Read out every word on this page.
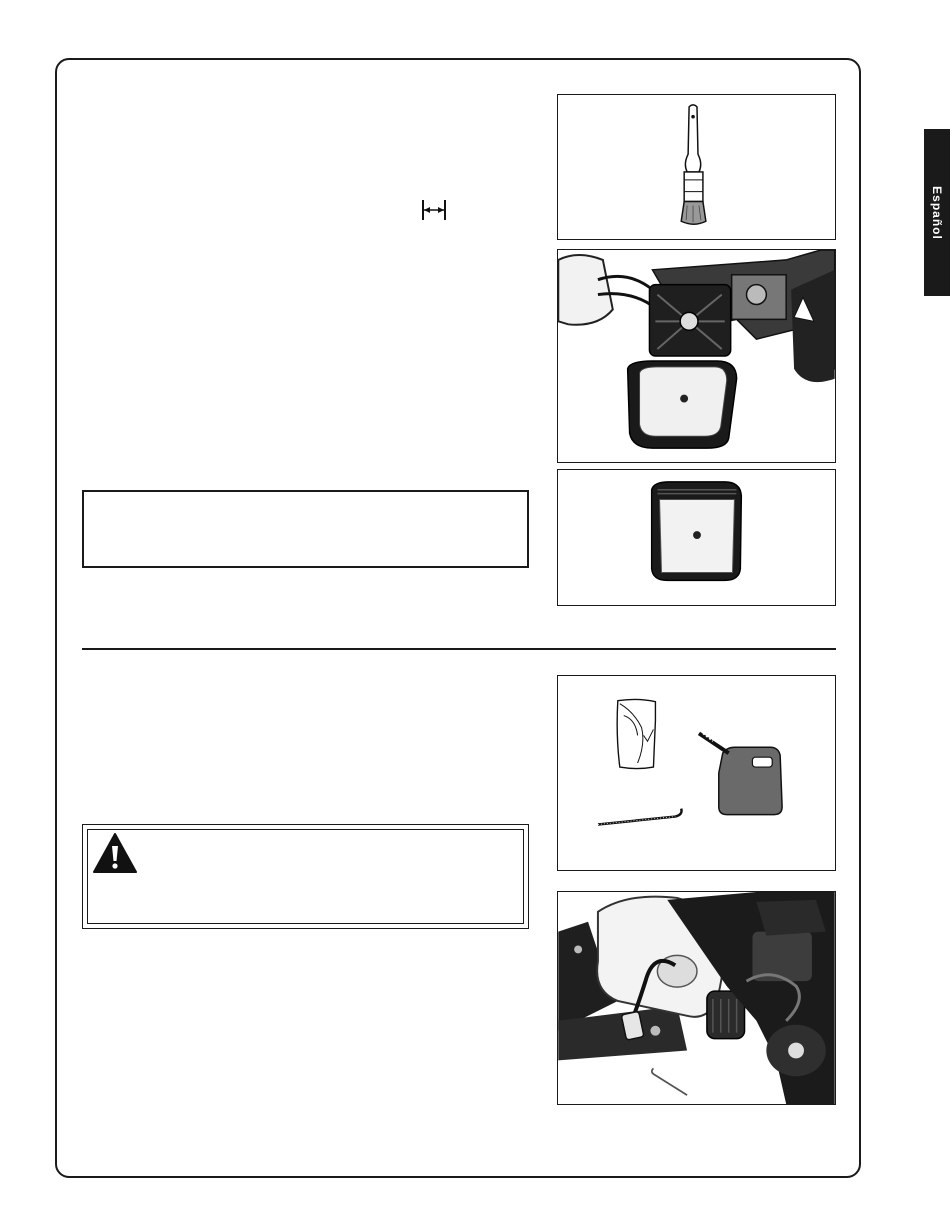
Español
